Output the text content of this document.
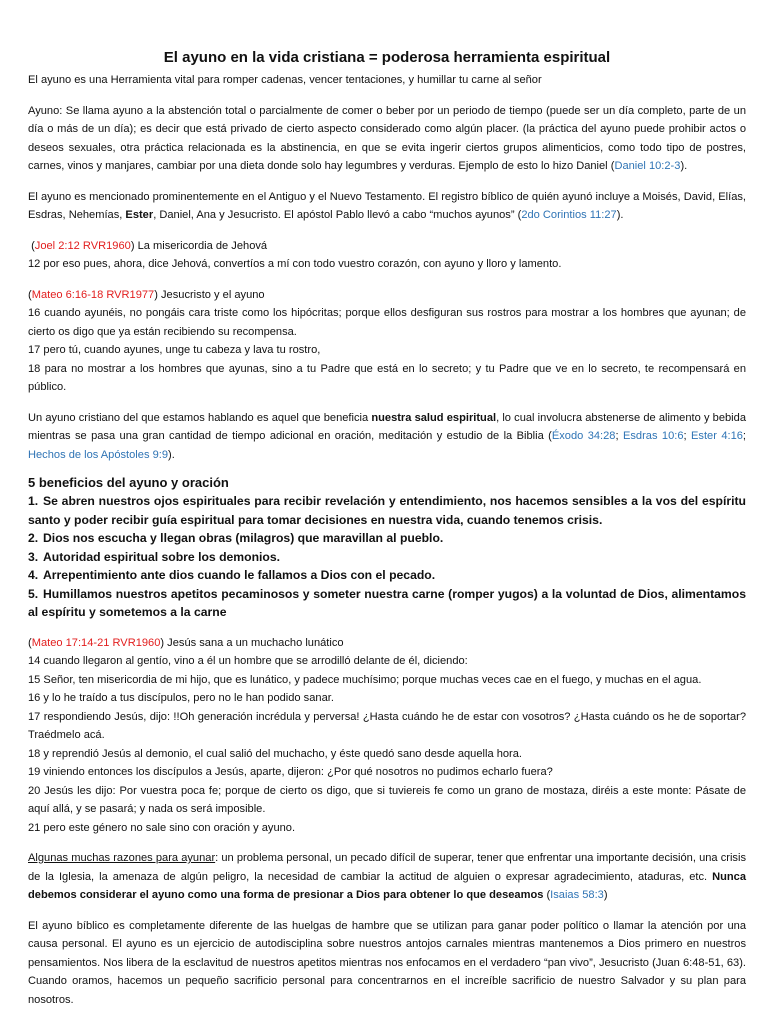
El ayuno en la vida cristiana = poderosa herramienta espiritual

El ayuno es una Herramienta vital para romper cadenas, vencer tentaciones, y humillar tu carne al señor

Ayuno: Se llama ayuno a la abstención total o parcialmente de comer o beber por un periodo de tiempo (puede ser un día completo, parte de un día o más de un día); es decir que está privado de cierto aspecto considerado como algún placer. (la práctica del ayuno puede prohibir actos o deseos sexuales, otra práctica relacionada es la abstinencia, en que se evita ingerir ciertos grupos alimenticios, como todo tipo de postres, carnes, vinos y manjares, cambiar por una dieta donde solo hay legumbres y verduras. Ejemplo de esto lo hizo Daniel (Daniel 10:2-3).

El ayuno es mencionado prominentemente en el Antiguo y el Nuevo Testamento. El registro bíblico de quién ayunó incluye a Moisés, David, Elías, Esdras, Nehemías, Ester, Daniel, Ana y Jesucristo. El apóstol Pablo llevó a cabo “muchos ayunos” (2do Corintios 11:27).

(Joel 2:12 RVR1960) La misericordia de Jehová

12 por eso pues, ahora, dice Jehová, convertíos a mí con todo vuestro corazón, con ayuno y lloro y lamento.

(Mateo 6:16-18 RVR1977) Jesucristo y el ayuno

16 cuando ayunéis, no pongáis cara triste como los hipócritas; porque ellos desfiguran sus rostros para mostrar a los hombres que ayunan; de cierto os digo que ya están recibiendo su recompensa.

17 pero tú, cuando ayunes, unge tu cabeza y lava tu rostro,

18 para no mostrar a los hombres que ayunas, sino a tu Padre que está en lo secreto; y tu Padre que ve en lo secreto, te recompensará en público.

Un ayuno cristiano del que estamos hablando es aquel que beneficia nuestra salud espiritual, lo cual involucra abstenerse de alimento y bebida mientras se pasa una gran cantidad de tiempo adicional en oración, meditación y estudio de la Biblia (Éxodo 34:28; Esdras 10:6; Ester 4:16; Hechos de los Apóstoles 9:9).

5 beneficios del ayuno y oración

1. Se abren nuestros ojos espirituales para recibir revelación y entendimiento, nos hacemos sensibles a la vos del espíritu santo y poder recibir guía espiritual para tomar decisiones en nuestra vida, cuando tenemos crisis.

2. Dios nos escucha y llegan obras (milagros) que maravillan al pueblo.

3. Autoridad espiritual sobre los demonios.

4. Arrepentimiento ante dios cuando le fallamos a Dios con el pecado.

5. Humillamos nuestros apetitos pecaminosos y someter nuestra carne (romper yugos) a la voluntad de Dios, alimentamos al espíritu y sometemos a la carne

(Mateo 17:14-21 RVR1960) Jesús sana a un muchacho lunático

14 cuando llegaron al gentío, vino a él un hombre que se arrodilló delante de él, diciendo:

15 Señor, ten misericordia de mi hijo, que es lunático, y padece muchísimo; porque muchas veces cae en el fuego, y muchas en el agua.

16 y lo he traído a tus discípulos, pero no le han podido sanar.

17 respondiendo Jesús, dijo: !!Oh generación incrédula y perversa! ¿Hasta cuándo he de estar con vosotros? ¿Hasta cuándo os he de soportar? Traédmelo acá.

18 y reprendió Jesús al demonio, el cual salió del muchacho, y éste quedó sano desde aquella hora.

19 viniendo entonces los discípulos a Jesús, aparte, dijeron: ¿Por qué nosotros no pudimos echarlo fuera?

20 Jesús les dijo: Por vuestra poca fe; porque de cierto os digo, que si tuviereis fe como un grano de mostaza, diréis a este monte: Pásate de aquí allá, y se pasará; y nada os será imposible.

21 pero este género no sale sino con oración y ayuno.

Algunas muchas razones para ayunar: un problema personal, un pecado difícil de superar, tener que enfrentar una importante decisión, una crisis de la Iglesia, la amenaza de algún peligro, la necesidad de cambiar la actitud de alguien o expresar agradecimiento, ataduras, etc. Nunca debemos considerar el ayuno como una forma de presionar a Dios para obtener lo que deseamos (Isaias 58:3)

El ayuno bíblico es completamente diferente de las huelgas de hambre que se utilizan para ganar poder político o llamar la atención por una causa personal. El ayuno es un ejercicio de autodisciplina sobre nuestros antojos carnales mientras mantenemos a Dios primero en nuestros pensamientos. Nos libera de la esclavitud de nuestros apetitos mientras nos enfocamos en el verdadero “pan vivo”, Jesucristo (Juan 6:48-51, 63). Cuando oramos, hacemos un pequeño sacrificio personal para concentrarnos en el increíble sacrificio de nuestro Salvador y su plan para nosotros.
